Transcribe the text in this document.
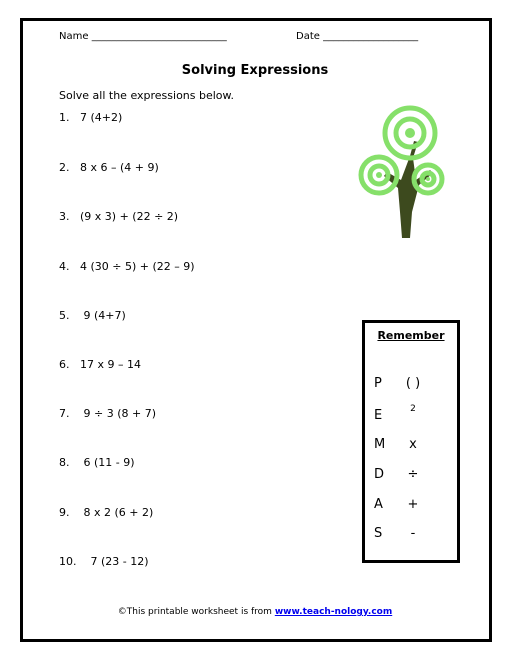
Name ___________________________	Date ___________________
Solving Expressions
Solve all the expressions below.
1. 7 (4+2)
2. 8 x 6 – (4 + 9)
3. (9 x 3) + (22 ÷ 2)
4. 4 (30 ÷ 5) + (22 – 9)
5. 9 (4+7)
6. 17 x 9 – 14
7. 9 ÷ 3 (8 + 7)
8. 6 (11 - 9)
9. 8 x 2 (6 + 2)
10. 7 (23 - 12)
Remember
P ( )
E	2
M	x
D	÷
A	+
S	-
©This printable worksheet is from www.teach-nology.com
